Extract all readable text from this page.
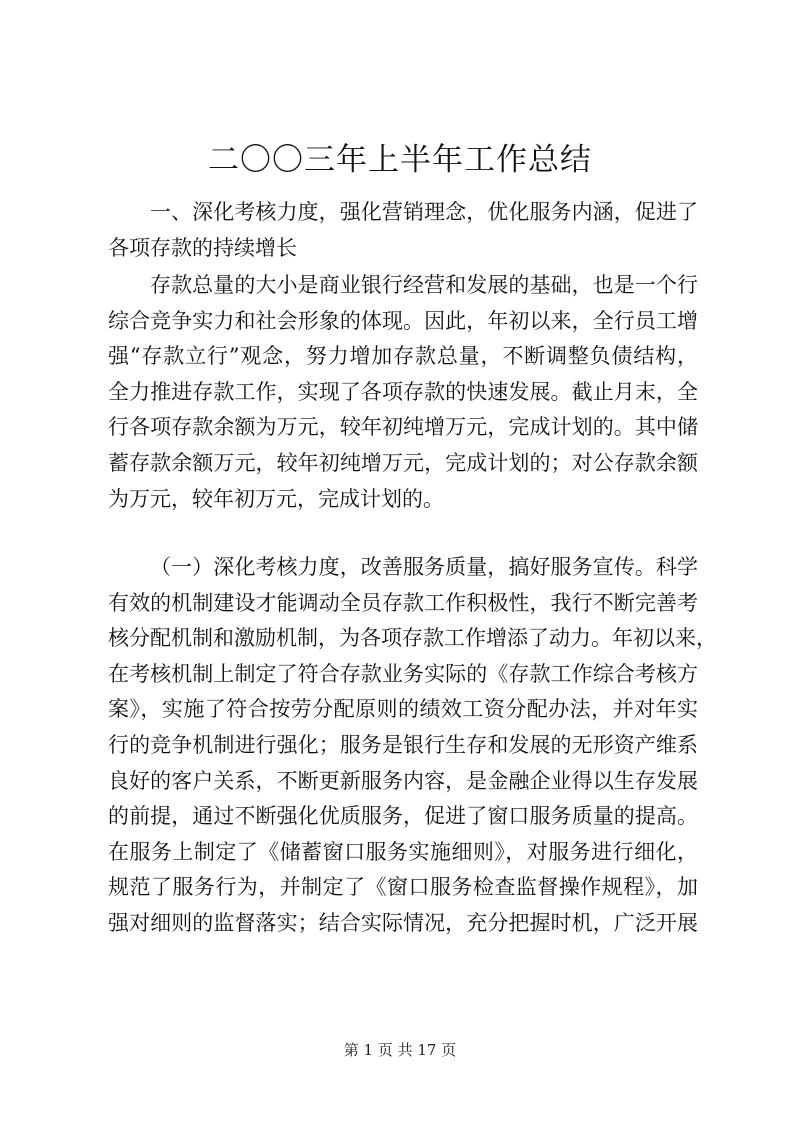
二〇〇三年上半年工作总结
一、深化考核力度，强化营销理念，优化服务内涵，促进了
各项存款的持续增长
存款总量的大小是商业银行经营和发展的基础，也是一个行
综合竞争实力和社会形象的体现。因此，年初以来，全行员工增
强“存款立行”观念，努力增加存款总量，不断调整负债结构，
全力推进存款工作，实现了各项存款的快速发展。截止月末，全
行各项存款余额为万元，较年初纯增万元，完成计划的。其中储
蓄存款余额万元，较年初纯增万元，完成计划的；对公存款余额
为万元，较年初万元，完成计划的。
（一）深化考核力度，改善服务质量，搞好服务宣传。科学
有效的机制建设才能调动全员存款工作积极性，我行不断完善考
核分配机制和激励机制，为各项存款工作增添了动力。年初以来，
在考核机制上制定了符合存款业务实际的《存款工作综合考核方
案》，实施了符合按劳分配原则的绩效工资分配办法，并对年实
行的竞争机制进行强化；服务是银行生存和发展的无形资产维系
良好的客户关系，不断更新服务内容，是金融企业得以生存发展
的前提，通过不断强化优质服务，促进了窗口服务质量的提高。
在服务上制定了《储蓄窗口服务实施细则》，对服务进行细化，
规范了服务行为，并制定了《窗口服务检查监督操作规程》，加
强对细则的监督落实；结合实际情况，充分把握时机，广泛开展
第 1 页 共 17 页
